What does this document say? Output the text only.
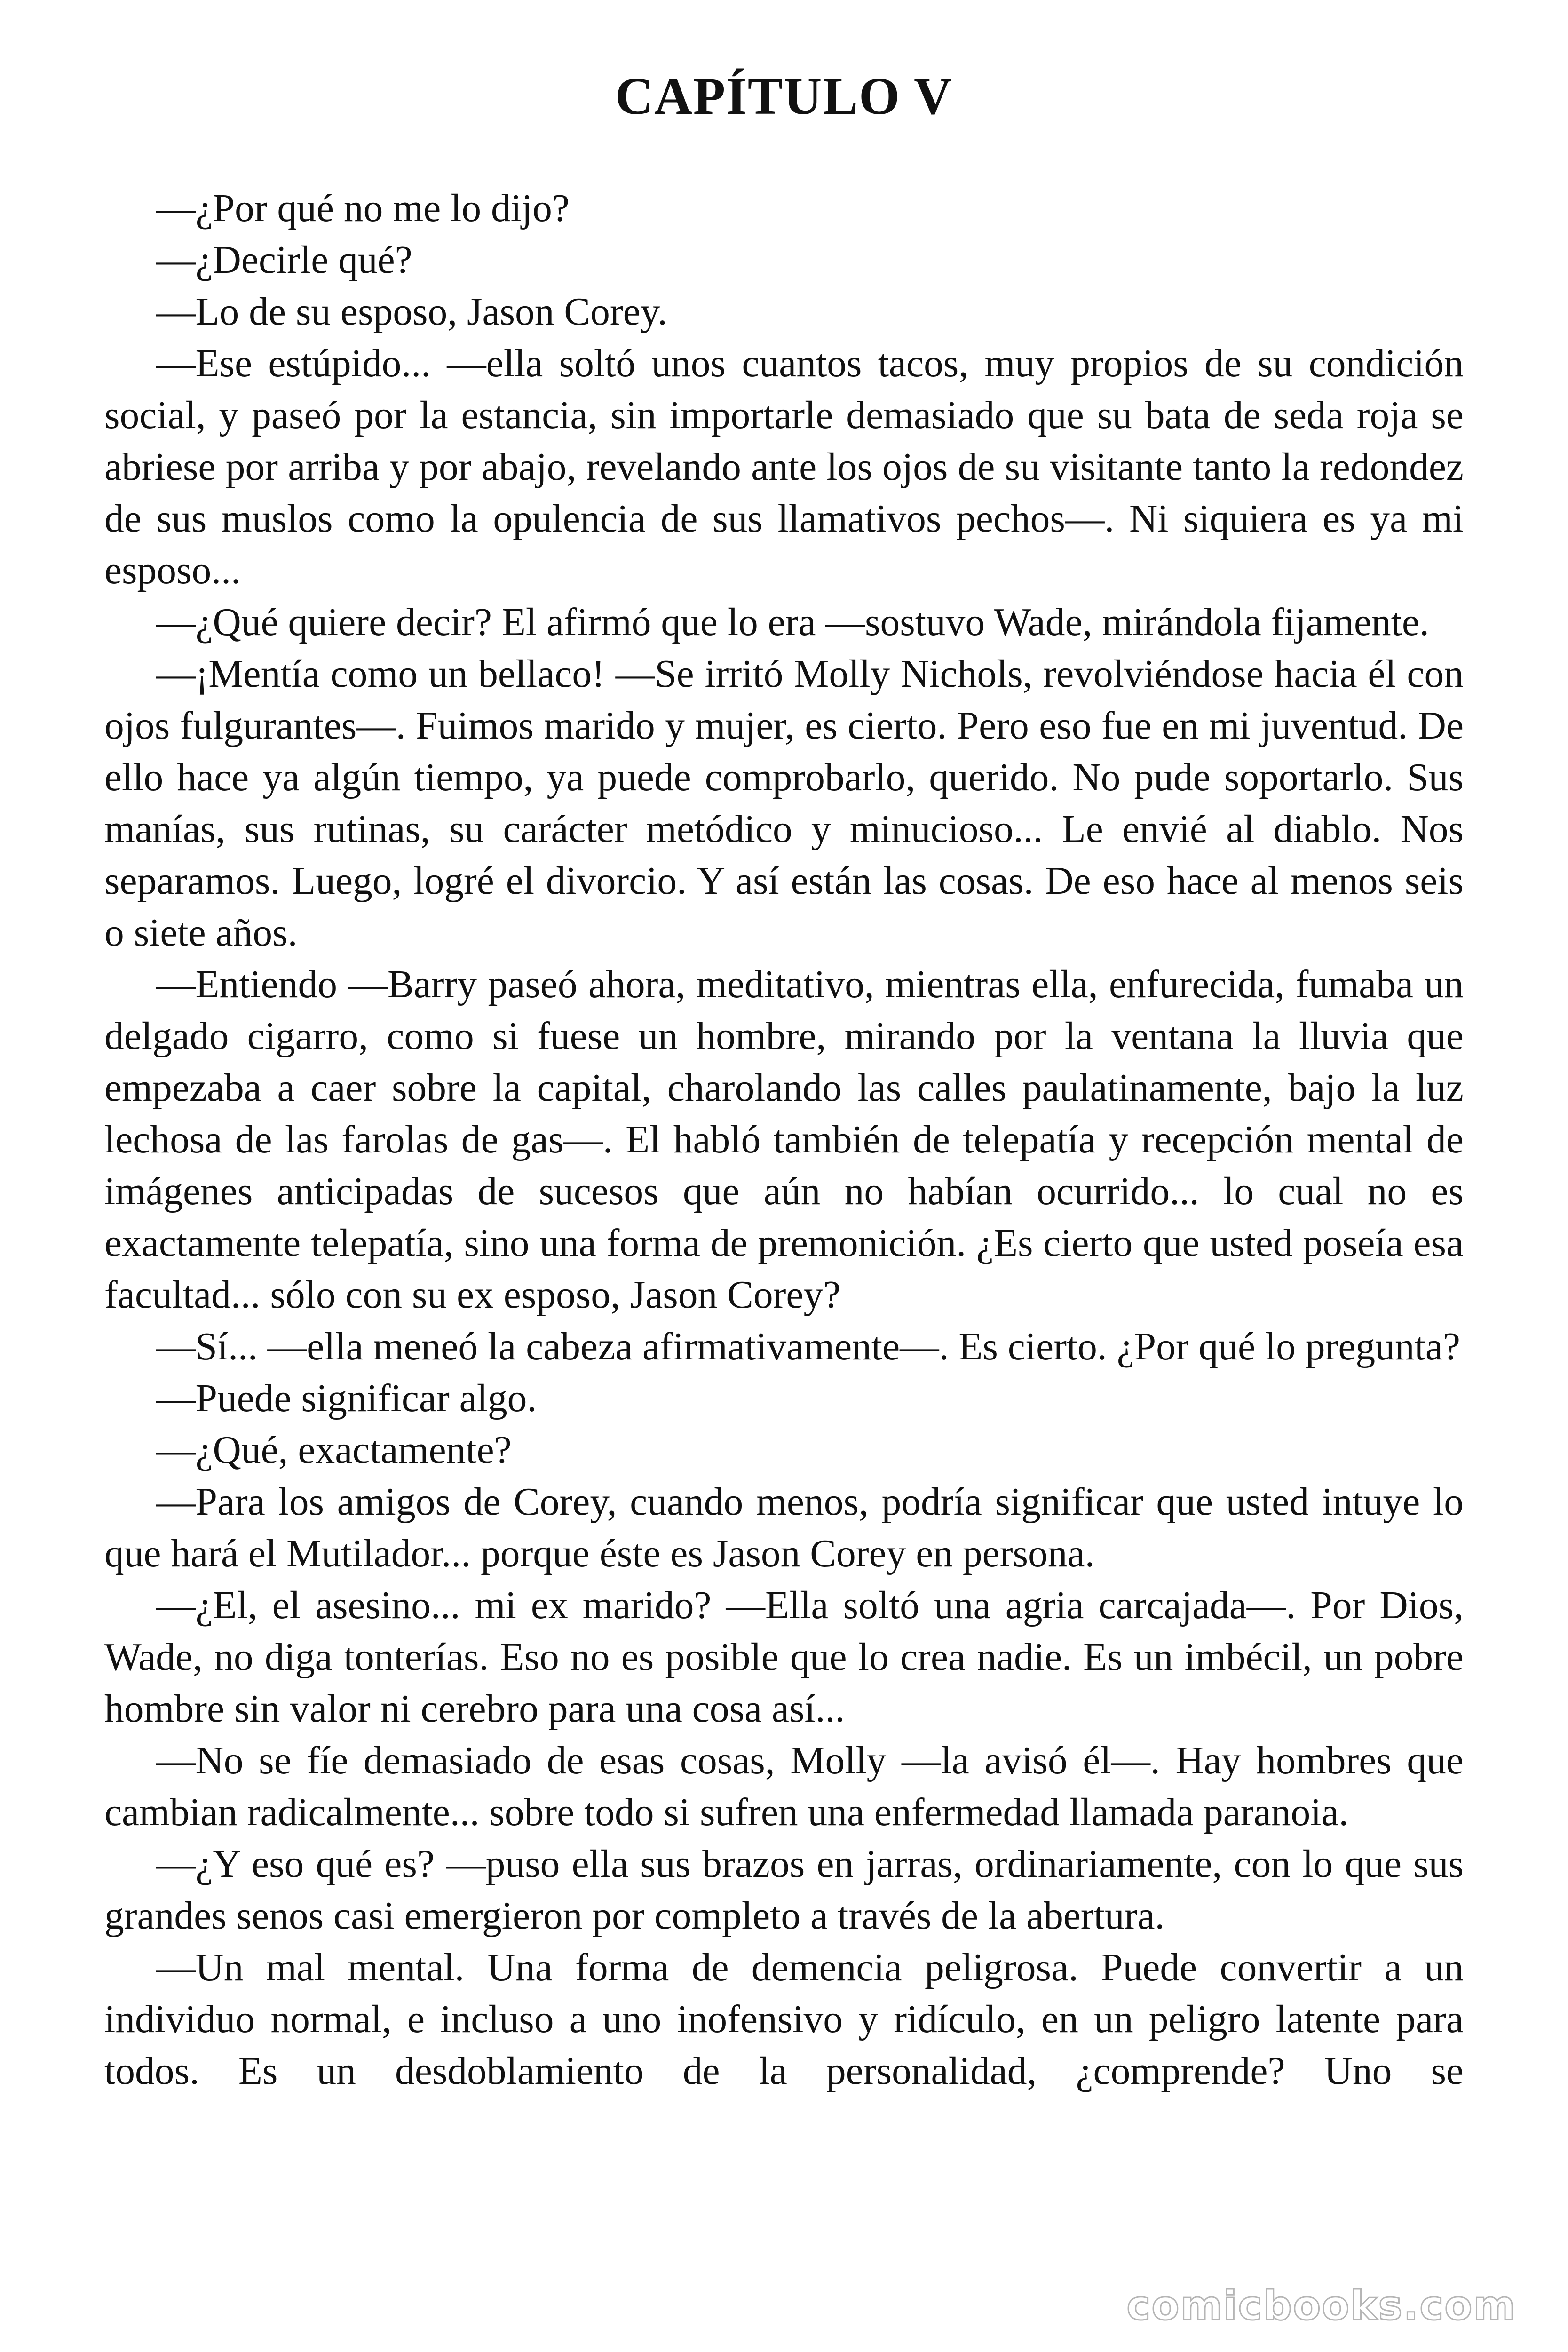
CAPÍTULO V

—¿Por qué no me lo dijo?

—¿Decirle qué?

—Lo de su esposo, Jason Corey.

—Ese estúpido... —ella soltó unos cuantos tacos, muy propios de su condición social, y paseó por la estancia, sin importarle demasiado que su bata de seda roja se abriese por arriba y por abajo, revelando ante los ojos de su visitante tanto la redondez de sus muslos como la opulencia de sus llamativos pechos—. Ni siquiera es ya mi esposo...

—¿Qué quiere decir? El afirmó que lo era —sostuvo Wade, mirándola fijamente.

—¡Mentía como un bellaco! —Se irritó Molly Nichols, revolviéndose hacia él con ojos fulgurantes—. Fuimos marido y mujer, es cierto. Pero eso fue en mi juventud. De ello hace ya algún tiempo, ya puede comprobarlo, querido. No pude soportarlo. Sus manías, sus rutinas, su carácter metódico y minucioso... Le envié al diablo. Nos separamos. Luego, logré el divorcio. Y así están las cosas. De eso hace al menos seis o siete años.

—Entiendo —Barry paseó ahora, meditativo, mientras ella, enfurecida, fumaba un delgado cigarro, como si fuese un hombre, mirando por la ventana la lluvia que empezaba a caer sobre la capital, charolando las calles paulatinamente, bajo la luz lechosa de las farolas de gas—. El habló también de telepatía y recepción mental de imágenes anticipadas de sucesos que aún no habían ocurrido... lo cual no es exactamente telepatía, sino una forma de premonición. ¿Es cierto que usted poseía esa facultad... sólo con su ex esposo, Jason Corey?

—Sí... —ella meneó la cabeza afirmativamente—. Es cierto. ¿Por qué lo pregunta?

—Puede significar algo.

—¿Qué, exactamente?

—Para los amigos de Corey, cuando menos, podría significar que usted intuye lo que hará el Mutilador... porque éste es Jason Corey en persona.

—¿El, el asesino... mi ex marido? —Ella soltó una agria carcajada—. Por Dios, Wade, no diga tonterías. Eso no es posible que lo crea nadie. Es un imbécil, un pobre hombre sin valor ni cerebro para una cosa así...

—No se fíe demasiado de esas cosas, Molly —la avisó él—. Hay hombres que cambian radicalmente... sobre todo si sufren una enfermedad llamada paranoia.

—¿Y eso qué es? —puso ella sus brazos en jarras, ordinariamente, con lo que sus grandes senos casi emergieron por completo a través de la abertura.

—Un mal mental. Una forma de demencia peligrosa. Puede convertir a un individuo normal, e incluso a uno inofensivo y ridículo, en un peligro latente para todos. Es un desdoblamiento de la personalidad, ¿comprende? Uno se

comicbooks.com
